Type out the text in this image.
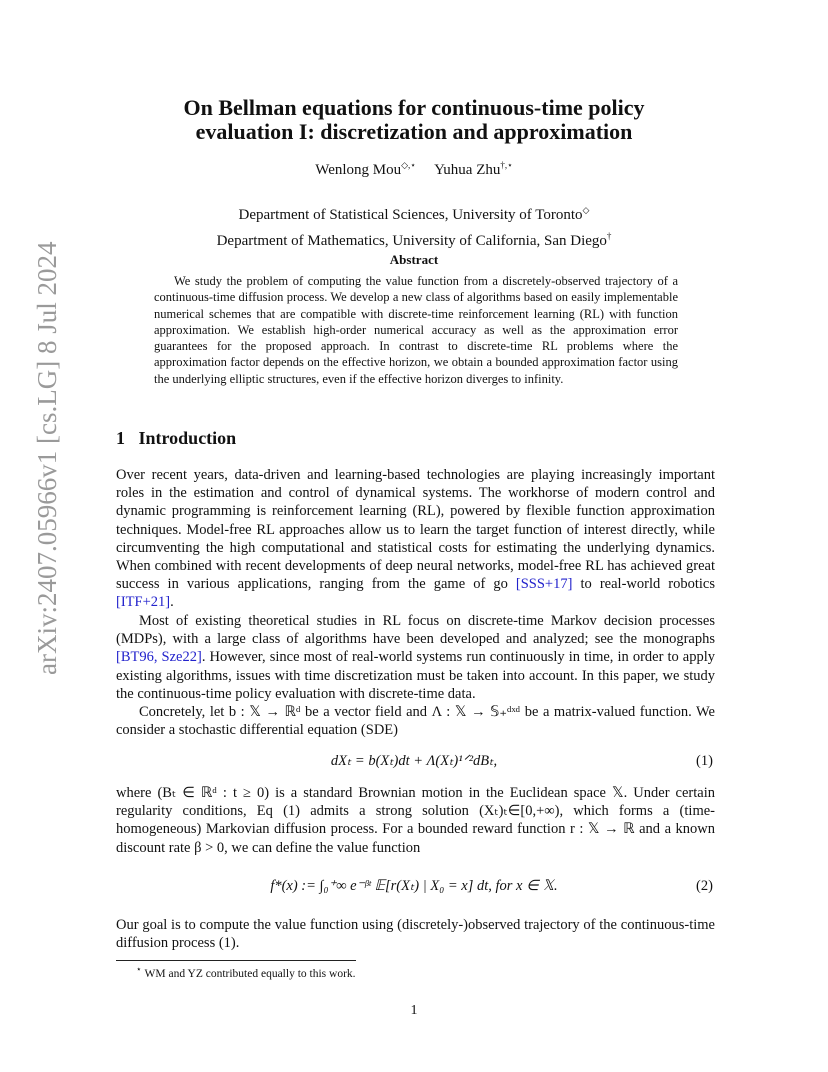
arXiv:2407.05966v1 [cs.LG] 8 Jul 2024
On Bellman equations for continuous-time policy
evaluation I: discretization and approximation
Wenlong Mou◇,⋆ Yuhua Zhu†,⋆
Department of Statistical Sciences, University of Toronto◇
Department of Mathematics, University of California, San Diego†
Abstract
We study the problem of computing the value function from a discretely-observed trajectory of a continuous-time diffusion process. We develop a new class of algorithms based on easily implementable numerical schemes that are compatible with discrete-time reinforcement learning (RL) with function approximation. We establish high-order numerical accuracy as well as the approximation error guarantees for the proposed approach. In contrast to discrete-time RL problems where the approximation factor depends on the effective horizon, we obtain a bounded approximation factor using the underlying elliptic structures, even if the effective horizon diverges to infinity.
1 Introduction
Over recent years, data-driven and learning-based technologies are playing increasingly important roles in the estimation and control of dynamical systems. The workhorse of modern control and dynamic programming is reinforcement learning (RL), powered by flexible function approximation techniques. Model-free RL approaches allow us to learn the target function of interest directly, while circumventing the high computational and statistical costs for estimating the underlying dynamics. When combined with recent developments of deep neural networks, model-free RL has achieved great success in various applications, ranging from the game of go [SSS+17] to real-world robotics [ITF+21].
Most of existing theoretical studies in RL focus on discrete-time Markov decision processes (MDPs), with a large class of algorithms have been developed and analyzed; see the monographs [BT96, Sze22]. However, since most of real-world systems run continuously in time, in order to apply existing algorithms, issues with time discretization must be taken into account. In this paper, we study the continuous-time policy evaluation with discrete-time data.
Concretely, let b : 𝕏 → ℝᵈ be a vector field and Λ : 𝕏 → 𝕊₊ᵈˣᵈ be a matrix-valued function. We consider a stochastic differential equation (SDE)
dXₜ = b(Xₜ)dt + Λ(Xₜ)¹ᐟ²dBₜ,	(1)
where (Bₜ ∈ ℝᵈ : t ≥ 0) is a standard Brownian motion in the Euclidean space 𝕏. Under certain regularity conditions, Eq (1) admits a strong solution (Xₜ)ₜ∈[0,+∞), which forms a (time-homogeneous) Markovian diffusion process. For a bounded reward function r : 𝕏 → ℝ and a known discount rate β > 0, we can define the value function
f*(x) := ∫₀⁺∞ e⁻ᵝᵗ 𝔼[r(Xₜ) | X₀ = x] dt, for x ∈ 𝕏.	(2)
Our goal is to compute the value function using (discretely-)observed trajectory of the continuous-time diffusion process (1).
⋆ WM and YZ contributed equally to this work.
1
